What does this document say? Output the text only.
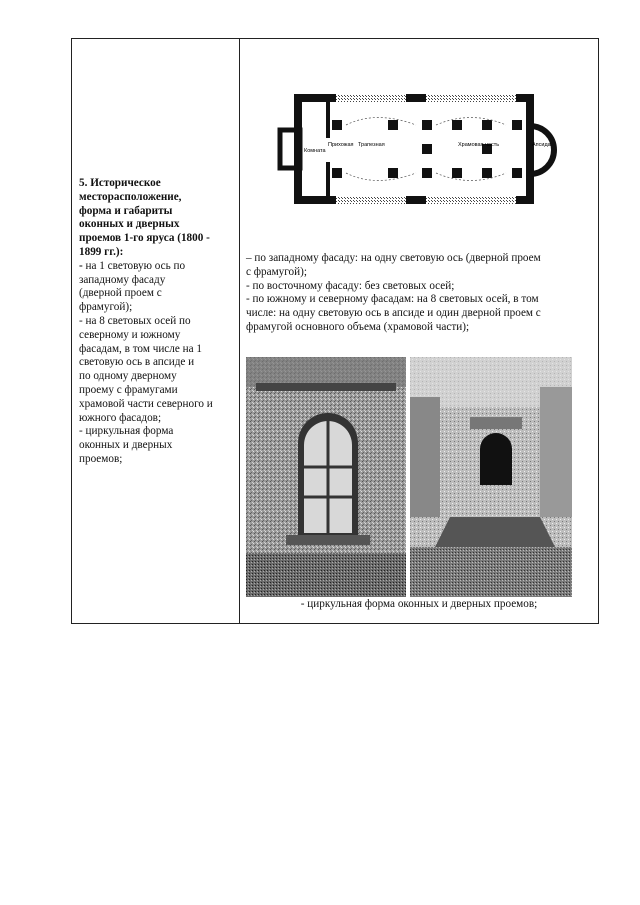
5. Историческое
месторасположение,
форма и габариты
оконных и дверных
проемов 1-го яруса (1800 -
1899 гг.):
- на 1 световую ось по

западному фасаду
(дверной проем с
фрамугой);
- на 8 световых осей по
северному и южному
фасадам, в том числе на 1
световую ось в апсиде и
по одному дверному
проему с фрамугами
храмовой части северного и
южного фасадов;
- циркульная форма
оконных и дверных
проемов;
Комната
Прихожая Трапезная	Храмовая часть	Апсида
– по западному фасаду: на одну световую ось (дверной проем
с фрамугой);
- по восточному фасаду: без световых осей;
- по южному и северному фасадам: на 8 световых осей, в том
числе: на одну световую ось в апсиде и один дверной проем с
фрамугой основного объема (храмовой части);
- циркульная форма оконных и дверных проемов;
